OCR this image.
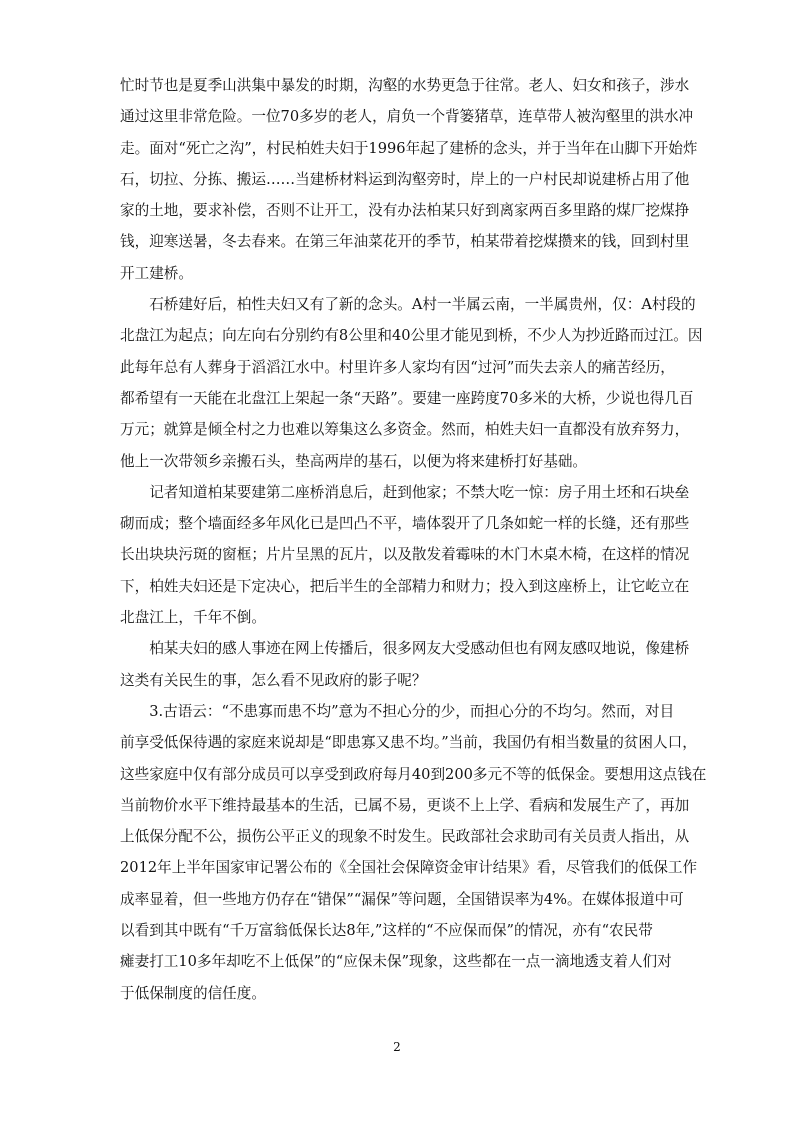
忙时节也是夏季山洪集中暴发的时期，沟壑的水势更急于往常。老人、妇女和孩子，涉水
通过这里非常危险。一位70多岁的老人，肩负一个背篓猪草，连草带人被沟壑里的洪水冲
走。面对“死亡之沟”，村民柏姓夫妇于1996年起了建桥的念头，并于当年在山脚下开始炸
石，切拉、分拣、搬运……当建桥材料运到沟壑旁时，岸上的一户村民却说建桥占用了他
家的土地，要求补偿，否则不让开工，没有办法柏某只好到离家两百多里路的煤厂挖煤挣
钱，迎寒送暑，冬去春来。在第三年油菜花开的季节，柏某带着挖煤攒来的钱，回到村里
开工建桥。
　　石桥建好后，柏性夫妇又有了新的念头。A村一半属云南，一半属贵州，仅：A村段的
北盘江为起点；向左向右分别约有8公里和40公里才能见到桥，不少人为抄近路而过江。因
此每年总有人葬身于滔滔江水中。村里许多人家均有因“过河”而失去亲人的痛苦经历，
都希望有一天能在北盘江上架起一条“天路”。要建一座跨度70多米的大桥，少说也得几百
万元；就算是倾全村之力也难以筹集这么多资金。然而，柏姓夫妇一直都没有放弃努力，
他上一次带领乡亲搬石头，垫高两岸的基石，以便为将来建桥打好基础。
　　记者知道柏某要建第二座桥消息后，赶到他家；不禁大吃一惊：房子用土坯和石块垒
砌而成；整个墙面经多年风化已是凹凸不平，墙体裂开了几条如蛇一样的长缝，还有那些
长出块块污斑的窗框；片片呈黑的瓦片，以及散发着霉味的木门木桌木椅，在这样的情况
下，柏姓夫妇还是下定决心，把后半生的全部精力和财力；投入到这座桥上，让它屹立在
北盘江上，千年不倒。
　　柏某夫妇的感人事迹在网上传播后，很多网友大受感动但也有网友感叹地说，像建桥
这类有关民生的事，怎么看不见政府的影子呢？
　　3.古语云：“不患寡而患不均”意为不担心分的少，而担心分的不均匀。然而，对目
前享受低保待遇的家庭来说却是“即患寡又患不均。”当前，我国仍有相当数量的贫困人口，
这些家庭中仅有部分成员可以享受到政府每月40到200多元不等的低保金。要想用这点钱在
当前物价水平下维持最基本的生活，已属不易，更谈不上上学、看病和发展生产了，再加
上低保分配不公，损伤公平正义的现象不时发生。民政部社会求助司有关员责人指出，从
2012年上半年国家审记署公布的《全国社会保障资金审计结果》看，尽管我们的低保工作
成率显着，但一些地方仍存在“错保”“漏保”等问题，全国错误率为4%。在媒体报道中可
以看到其中既有“千万富翁低保长达8年,”这样的“不应保而保”的情况，亦有“农民带
瘫妻打工10多年却吃不上低保”的“应保未保”现象，这些都在一点一滴地透支着人们对
于低保制度的信任度。
2
